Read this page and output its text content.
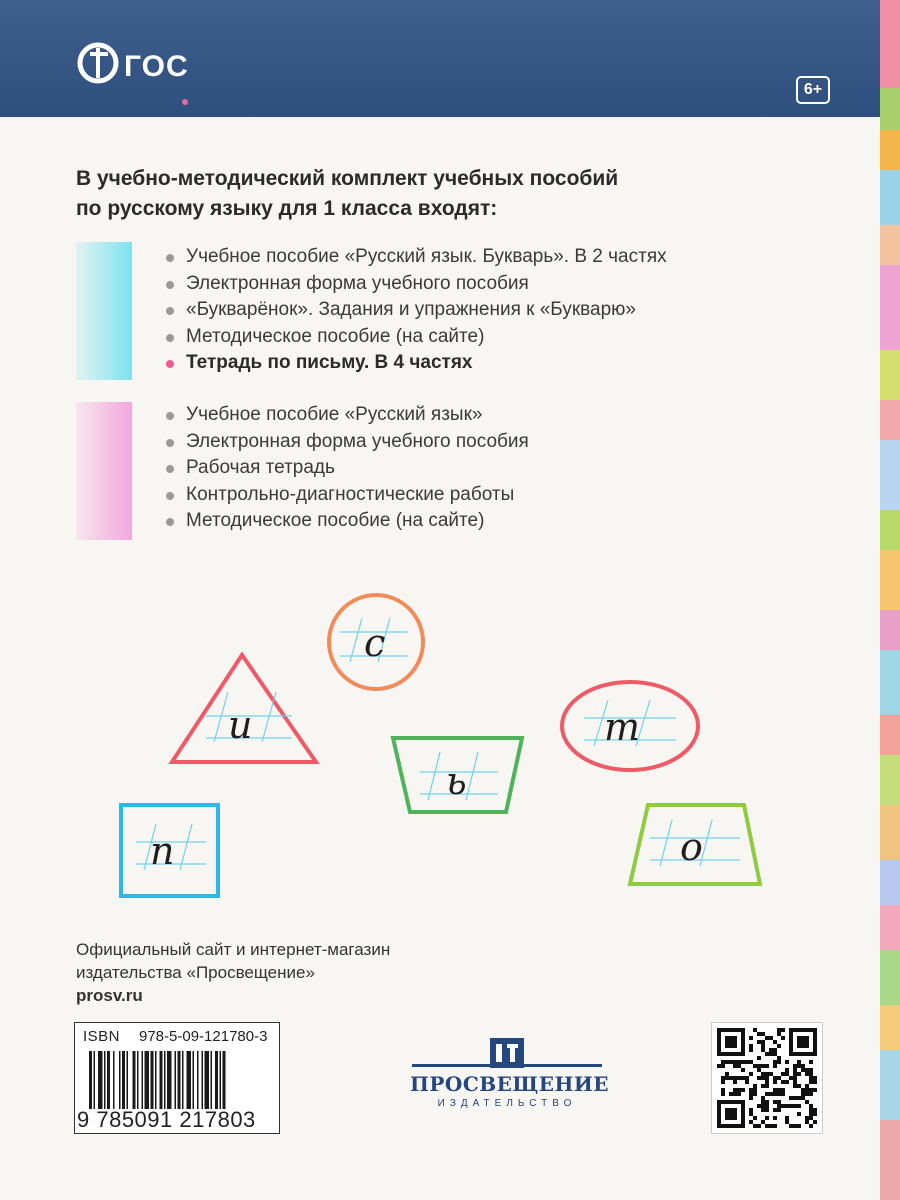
ГОС
6+
В учебно-методический комплект учебных пособий
по русскому языку для 1 класса входят:
Учебное пособие «Русский язык. Букварь». В 2 частях
Электронная форма учебного пособия
«Букварёнок». Задания и упражнения к «Букварю»
Методическое пособие (на сайте)
Тетрадь по письму. В 4 частях
Учебное пособие «Русский язык»
Электронная форма учебного пособия
Рабочая тетрадь
Контрольно-диагностические работы
Методическое пособие (на сайте)
с
и
ь
т
п	о
Официальный сайт и интернет-магазин
издательства «Просвещение»
prosv.ru
ISBN 978-5-09-121780-3
9 785091 217803
ПРОСВЕЩЕНИЕ
ИЗДАТЕЛЬСТВО
